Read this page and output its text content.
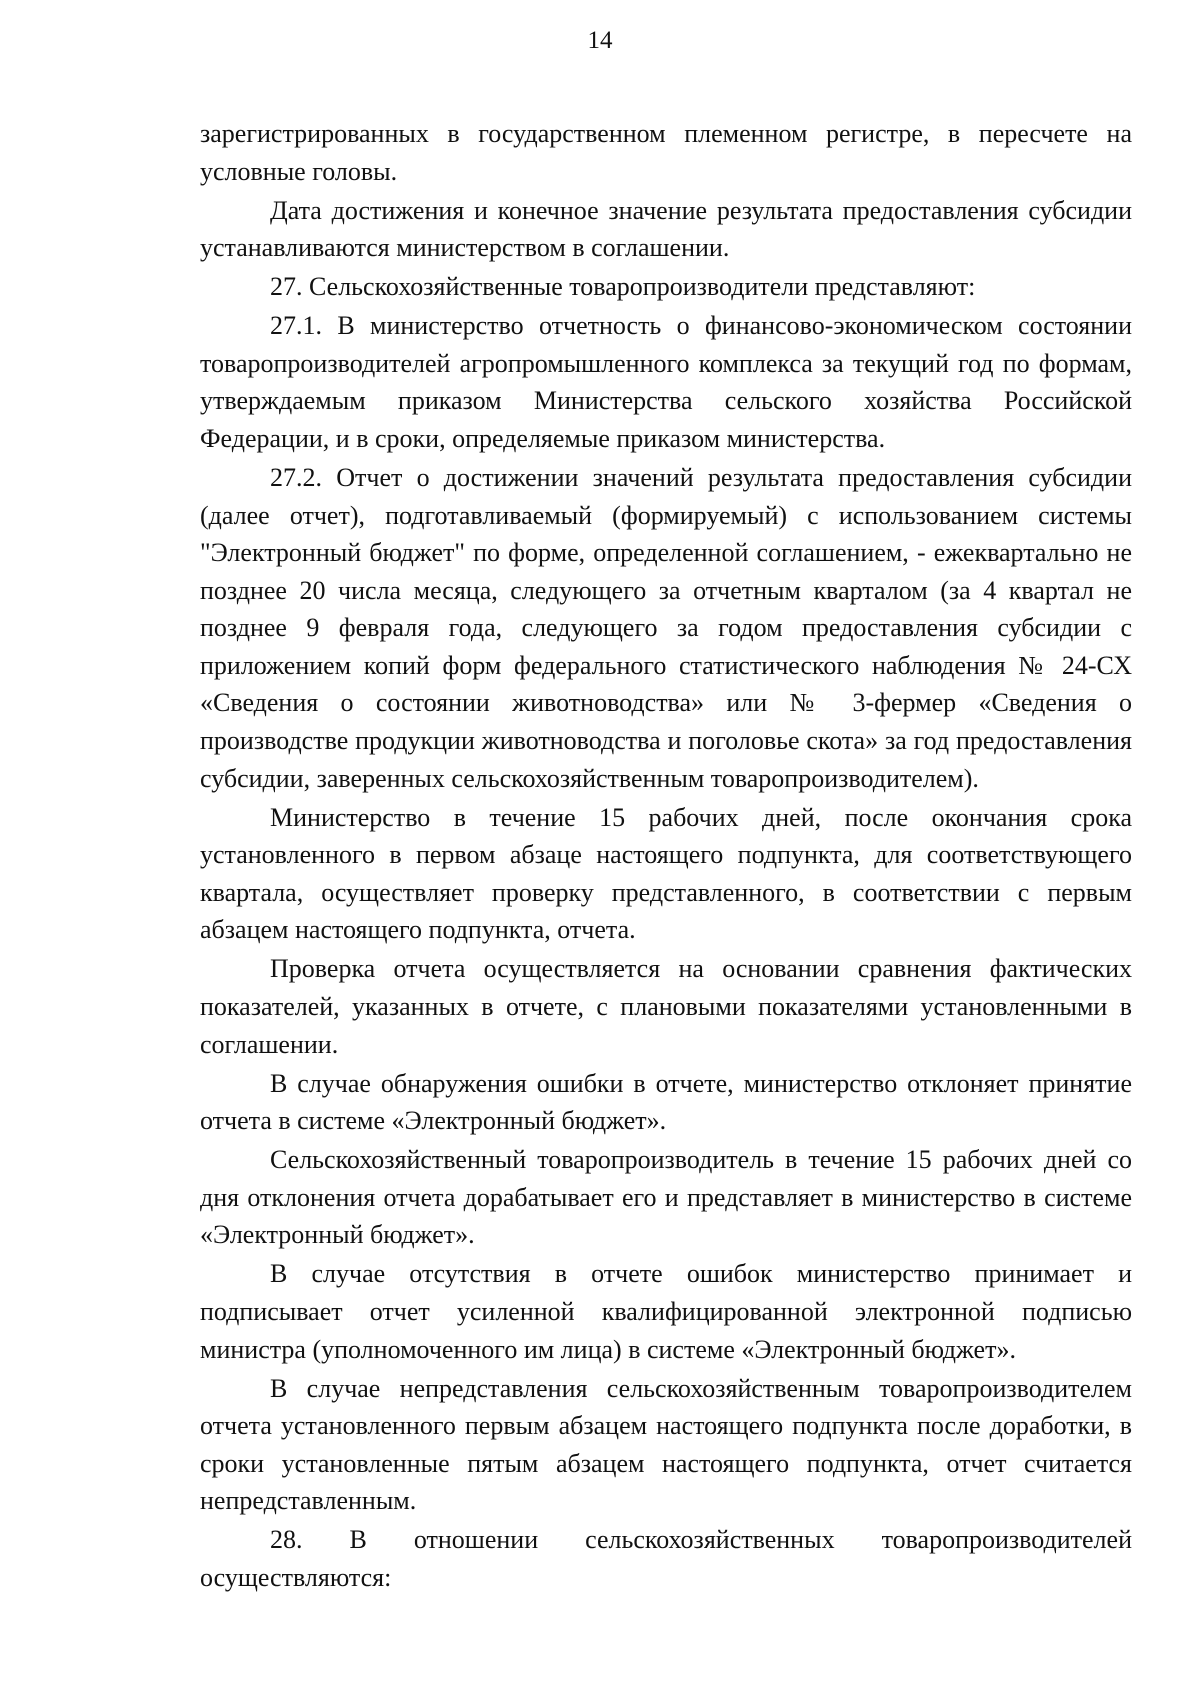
14

зарегистрированных в государственном племенном регистре, в пересчете на условные головы.

Дата достижения и конечное значение результата предоставления субсидии устанавливаются министерством в соглашении.

27. Сельскохозяйственные товаропроизводители представляют:

27.1. В министерство отчетность о финансово-экономическом состоянии товаропроизводителей агропромышленного комплекса за текущий год по формам, утверждаемым приказом Министерства сельского хозяйства Российской Федерации, и в сроки, определяемые приказом министерства.

27.2. Отчет о достижении значений результата предоставления субсидии (далее отчет), подготавливаемый (формируемый) с использованием системы "Электронный бюджет" по форме, определенной соглашением, - ежеквартально не позднее 20 числа месяца, следующего за отчетным кварталом (за 4 квартал не позднее 9 февраля года, следующего за годом предоставления субсидии с приложением копий форм федерального статистического наблюдения № 24-СХ «Сведения о состоянии животноводства» или № 3-фермер «Сведения о производстве продукции животноводства и поголовье скота» за год предоставления субсидии, заверенных сельскохозяйственным товаропроизводителем).

Министерство в течение 15 рабочих дней, после окончания срока установленного в первом абзаце настоящего подпункта, для соответствующего квартала, осуществляет проверку представленного, в соответствии с первым абзацем настоящего подпункта, отчета.

Проверка отчета осуществляется на основании сравнения фактических показателей, указанных в отчете, с плановыми показателями установленными в соглашении.

В случае обнаружения ошибки в отчете, министерство отклоняет принятие отчета в системе «Электронный бюджет».

Сельскохозяйственный товаропроизводитель в течение 15 рабочих дней со дня отклонения отчета дорабатывает его и представляет в министерство в системе «Электронный бюджет».

В случае отсутствия в отчете ошибок министерство принимает и подписывает отчет усиленной квалифицированной электронной подписью министра (уполномоченного им лица) в системе «Электронный бюджет».

В случае непредставления сельскохозяйственным товаропроизводителем отчета установленного первым абзацем настоящего подпункта после доработки, в сроки установленные пятым абзацем настоящего подпункта, отчет считается непредставленным.

28. В отношении сельскохозяйственных товаропроизводителей осуществляются:
